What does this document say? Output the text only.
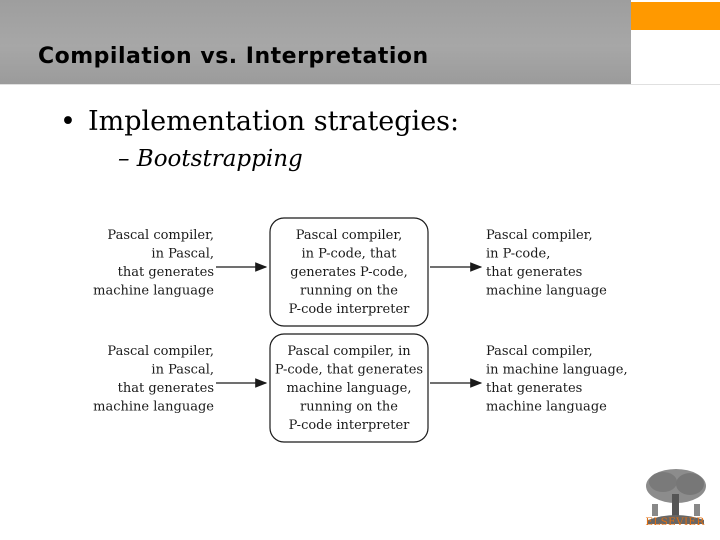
Compilation vs. Interpretation
• Implementation strategies:
– Bootstrapping
Pascal compiler,
in Pascal,
that generates
machine language
Pascal compiler,
in P-code, that
generates P-code,
running on the
P-code interpreter
Pascal compiler,
in P-code,
that generates
machine language
Pascal compiler,
in Pascal,
that generates
machine language
Pascal compiler, in
P-code, that generates
machine language,
running on the
P-code interpreter
Pascal compiler,
in machine language,
that generates
machine language
ELSEVIER
